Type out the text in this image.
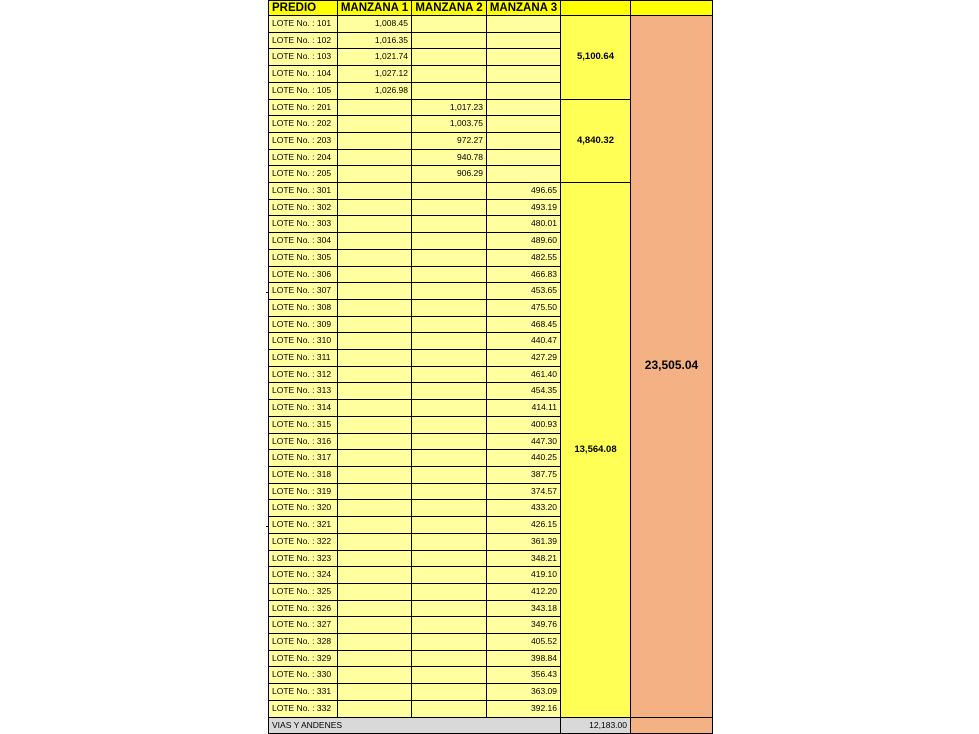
PREDIO	MANZANA 1	MANZANA 2	MANZANA 3		
LOTE No. : 101	1,008.45			5,100.64	23,505.04
LOTE No. : 102	1,016.35				
LOTE No. : 103	1,021.74				
LOTE No. : 104	1,027.12				
LOTE No. : 105	1,026.98				
LOTE No. : 201		1,017.23		4,840.32	
LOTE No. : 202		1,003.75			
LOTE No. : 203		972.27			
LOTE No. : 204		940.78			
LOTE No. : 205		906.29			
LOTE No. : 301			496.65	13,564.08	
LOTE No. : 302			493.19		
LOTE No. : 303			480.01		
LOTE No. : 304			489.60		
LOTE No. : 305			482.55		
LOTE No. : 306			466.83		
LOTE No. : 307			453.65		
LOTE No. : 308			475.50		
LOTE No. : 309			468.45		
LOTE No. : 310			440.47		
LOTE No. : 311			427.29		
LOTE No. : 312			461.40		
LOTE No. : 313			454.35		
LOTE No. : 314			414.11		
LOTE No. : 315			400.93		
LOTE No. : 316			447.30		
LOTE No. : 317			440.25		
LOTE No. : 318			387.75		
LOTE No. : 319			374.57		
LOTE No. : 320			433.20		
LOTE No. : 321			426.15		
LOTE No. : 322			361.39		
LOTE No. : 323			348.21		
LOTE No. : 324			419.10		
LOTE No. : 325			412.20		
LOTE No. : 326			343.18		
LOTE No. : 327			349.76		
LOTE No. : 328			405.52		
LOTE No. : 329			398.84		
LOTE No. : 330			356.43		
LOTE No. : 331			363.09		
LOTE No. : 332			392.16		
VIAS Y ANDENES				12,183.00	
